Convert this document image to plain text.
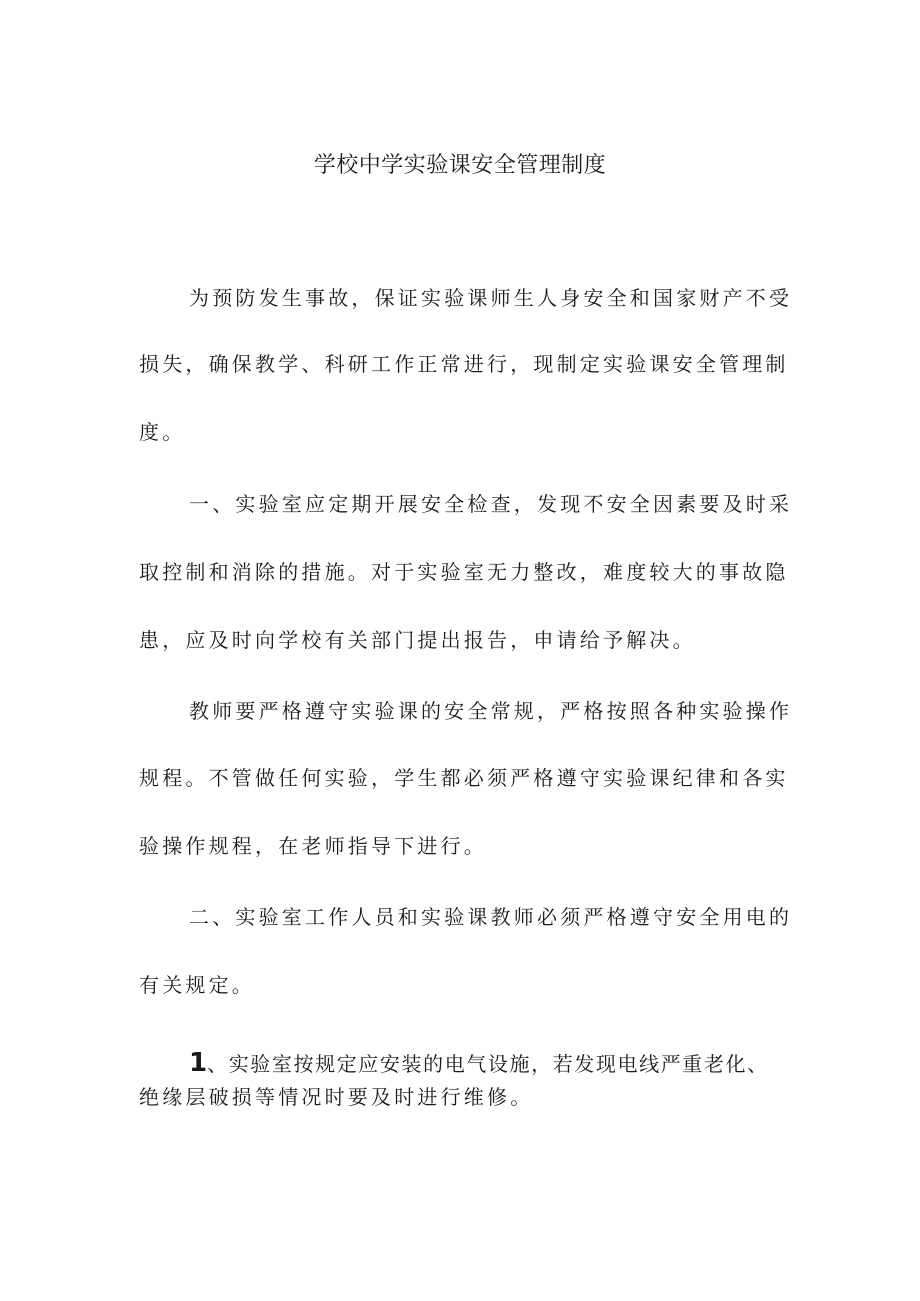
学校中学实验课安全管理制度
为预防发生事故，保证实验课师生人身安全和国家财产不受
损失，确保教学、科研工作正常进行，现制定实验课安全管理制
度。
一、实验室应定期开展安全检查，发现不安全因素要及时采
取控制和消除的措施。对于实验室无力整改，难度较大的事故隐
患，应及时向学校有关部门提出报告，申请给予解决。
教师要严格遵守实验课的安全常规，严格按照各种实验操作
规程。不管做任何实验，学生都必须严格遵守实验课纪律和各实
验操作规程，在老师指导下进行。
二、实验室工作人员和实验课教师必须严格遵守安全用电的
有关规定。
1、实验室按规定应安装的电气设施，若发现电线严重老化、
绝缘层破损等情况时要及时进行维修。
